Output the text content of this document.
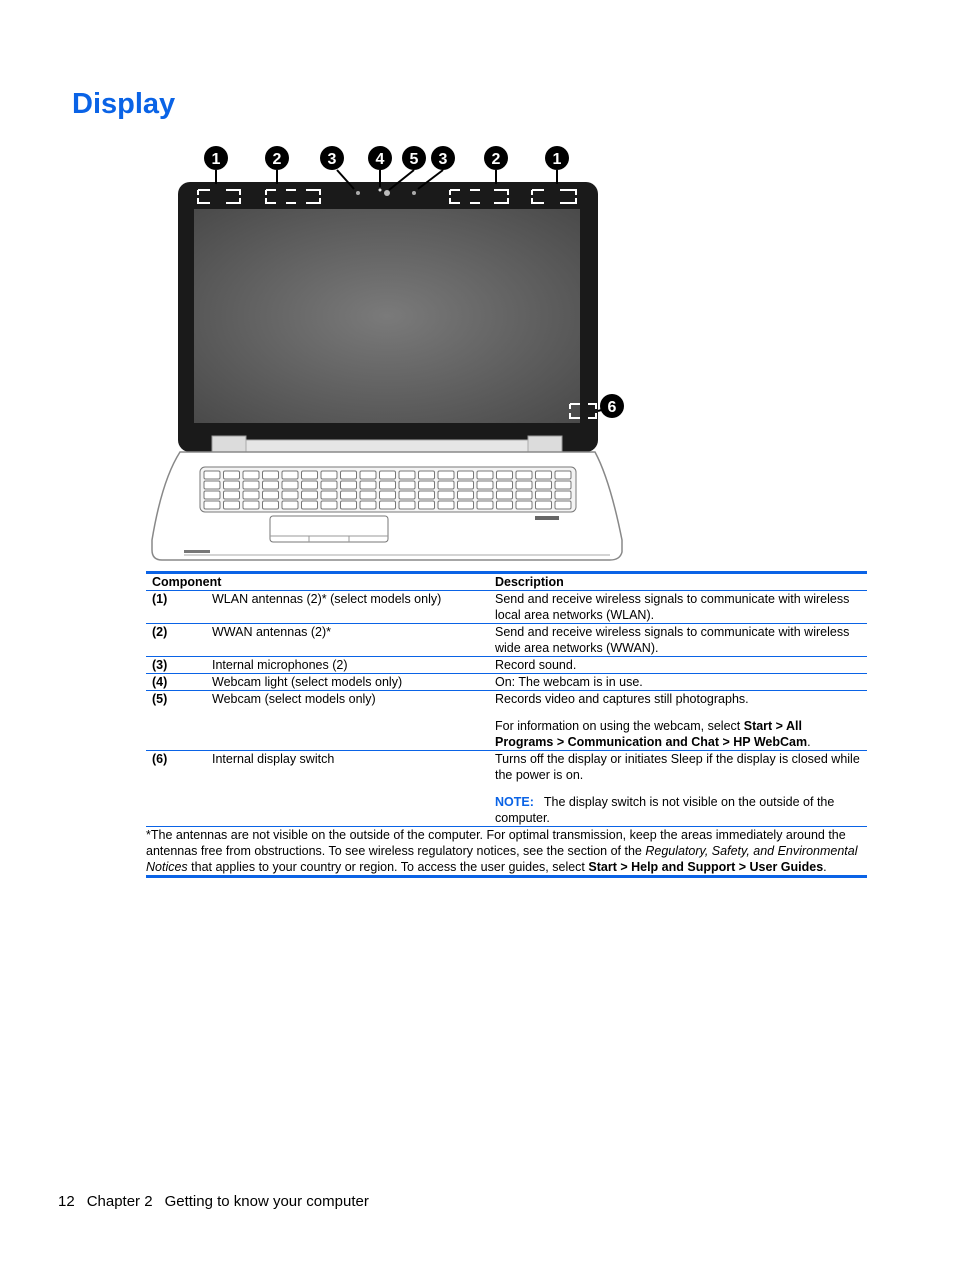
Display
1	2	3 4 5 3	2	1
6
Component		Description
(1)	WLAN antennas (2)* (select models only)	Send and receive wireless signals to communicate with wireless local area networks (WLAN).
(2)	WWAN antennas (2)*	Send and receive wireless signals to communicate with wireless wide area networks (WWAN).
(3)	Internal microphones (2)	Record sound.
(4)	Webcam light (select models only)	On: The webcam is in use.
(5)	Webcam (select models only)	Records video and captures still photographs.
For information on using the webcam, select Start > All Programs > Communication and Chat > HP WebCam.

(6)	Internal display switch	Turns off the display or initiates Sleep if the display is closed while the power is on.
NOTE: The display switch is not visible on the outside of the computer.

*The antennas are not visible on the outside of the computer. For optimal transmission, keep the areas immediately around the antennas free from obstructions. To see wireless regulatory notices, see the section of the Regulatory, Safety, and Environmental Notices that applies to your country or region. To access the user guides, select Start > Help and Support > User Guides.		
12 Chapter 2 Getting to know your computer
